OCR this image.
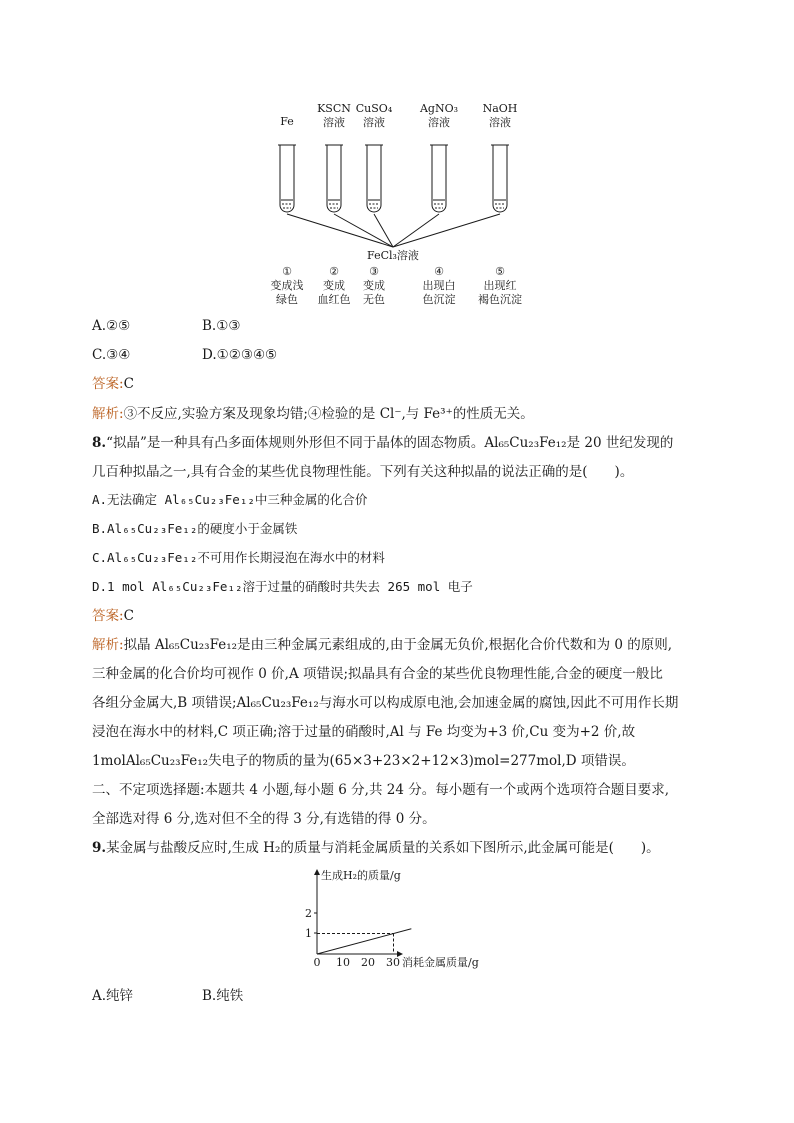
Fe
KSCN
溶液
CuSO₄
溶液
AgNO₃
溶液
NaOH
溶液
FeCl₃溶液
①
变成浅
绿色
②
变成
血红色
③
变成
无色
④
出现白
色沉淀
⑤
出现红
褐色沉淀
A.②⑤	B.①③
C.③④	D.①②③④⑤
答案:C
解析:③不反应,实验方案及现象均错;④检验的是 Cl⁻,与 Fe³⁺的性质无关。
8.“拟晶”是一种具有凸多面体规则外形但不同于晶体的固态物质。Al₆₅Cu₂₃Fe₁₂是 20 世纪发现的
几百种拟晶之一,具有合金的某些优良物理性能。下列有关这种拟晶的说法正确的是(　　)。
A.无法确定 Al₆₅Cu₂₃Fe₁₂中三种金属的化合价
B.Al₆₅Cu₂₃Fe₁₂的硬度小于金属铁
C.Al₆₅Cu₂₃Fe₁₂不可用作长期浸泡在海水中的材料
D.1 mol Al₆₅Cu₂₃Fe₁₂溶于过量的硝酸时共失去 265 mol 电子
答案:C
解析:拟晶 Al₆₅Cu₂₃Fe₁₂是由三种金属元素组成的,由于金属无负价,根据化合价代数和为 0 的原则,
三种金属的化合价均可视作 0 价,A 项错误;拟晶具有合金的某些优良物理性能,合金的硬度一般比
各组分金属大,B 项错误;Al₆₅Cu₂₃Fe₁₂与海水可以构成原电池,会加速金属的腐蚀,因此不可用作长期
浸泡在海水中的材料,C 项正确;溶于过量的硝酸时,Al 与 Fe 均变为+3 价,Cu 变为+2 价,故
1molAl₆₅Cu₂₃Fe₁₂失电子的物质的量为(65×3+23×2+12×3)mol=277mol,D 项错误。
二、不定项选择题:本题共 4 小题,每小题 6 分,共 24 分。每小题有一个或两个选项符合题目要求,
全部选对得 6 分,选对但不全的得 3 分,有选错的得 0 分。
9.某金属与盐酸反应时,生成 H₂的质量与消耗金属质量的关系如下图所示,此金属可能是(　　)。
生成H₂的质量/g
消耗金属质量/g
0 10 20 30
1
2
A.纯锌	B.纯铁
